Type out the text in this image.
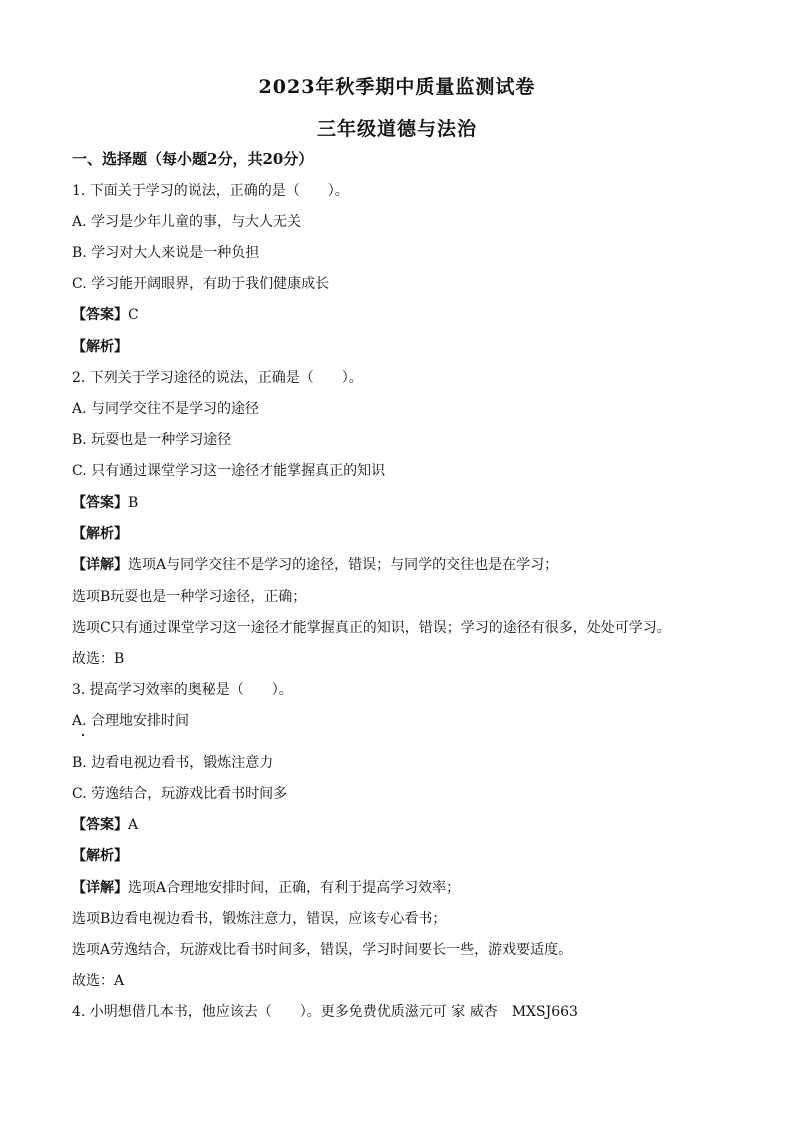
2023年秋季期中质量监测试卷
三年级道德与法治
一、选择题（每小题2分，共20分）
1. 下面关于学习的说法，正确的是（　　）。
A. 学习是少年儿童的事，与大人无关
B. 学习对大人来说是一种负担
C. 学习能开阔眼界，有助于我们健康成长
【答案】C
【解析】
2. 下列关于学习途径的说法，正确是（　　）。
A. 与同学交往不是学习的途径
B. 玩耍也是一种学习途径
C. 只有通过课堂学习这一途径才能掌握真正的知识
【答案】B
【解析】
【详解】选项A与同学交往不是学习的途径，错误；与同学的交往也是在学习；
选项B玩耍也是一种学习途径，正确；
选项C只有通过课堂学习这一途径才能掌握真正的知识，错误；学习的途径有很多，处处可学习。
故选：B
3. 提高学习效率的奥秘是（　　）。
A. 合理地安排时间
B. 边看电视边看书，锻炼注意力
C. 劳逸结合，玩游戏比看书时间多
【答案】A
【解析】
【详解】选项A合理地安排时间，正确，有利于提高学习效率；
选项B边看电视边看书，锻炼注意力，错误，应该专心看书；
选项A劳逸结合，玩游戏比看书时间多，错误，学习时间要长一些，游戏要适度。
故选：A
4. 小明想借几本书，他应该去（　　）。更多免费优质滋元可 家 威杏　MXSJ663
